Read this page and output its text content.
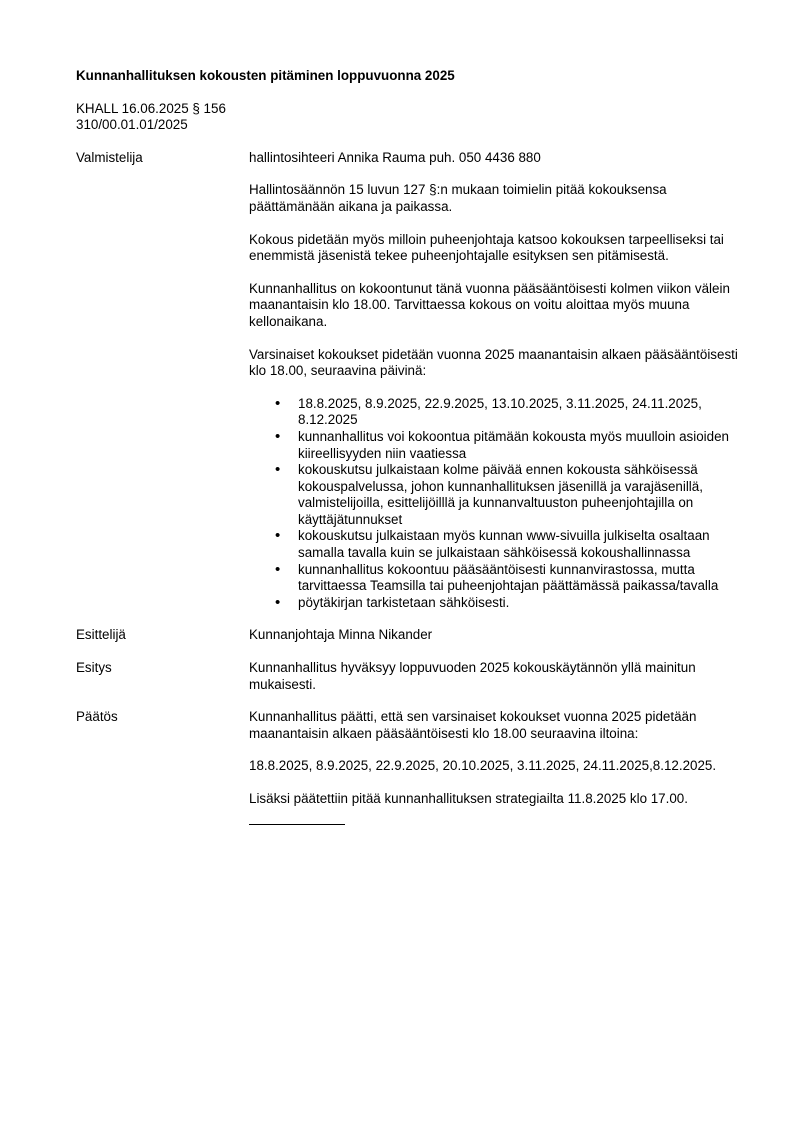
Kunnanhallituksen kokousten pitäminen loppuvuonna 2025
KHALL 16.06.2025 § 156
310/00.01.01/2025
Valmistelija	hallintosihteeri Annika Rauma puh. 050 4436 880

Hallintosäännön 15 luvun 127 §:n mukaan toimielin pitää kokouksensa päättämänään aikana ja paikassa.

Kokous pidetään myös milloin puheenjohtaja katsoo kokouksen tarpeelliseksi tai enemmistä jäsenistä tekee puheenjohtajalle esityksen sen pitämisestä.

Kunnanhallitus on kokoontunut tänä vuonna pääsääntöisesti kolmen viikon välein maanantaisin klo 18.00. Tarvittaessa kokous on voitu aloittaa myös muuna kellonaikana.

Varsinaiset kokoukset pidetään vuonna 2025 maanantaisin alkaen pääsääntöisesti klo 18.00, seuraavina päivinä:

• 18.8.2025, 8.9.2025, 22.9.2025, 13.10.2025, 3.11.2025, 24.11.2025, 8.12.2025
• kunnanhallitus voi kokoontua pitämään kokousta myös muulloin asioiden kiireellisyyden niin vaatiessa
• kokouskutsu julkaistaan kolme päivää ennen kokousta sähköisessä kokouspalvelussa, johon kunnanhallituksen jäsenillä ja varajäsenillä, valmistelijoilla, esittelijöilllä ja kunnanvaltuuston puheenjohtajilla on käyttäjätunnukset
• kokouskutsu julkaistaan myös kunnan www-sivuilla julkiselta osaltaan samalla tavalla kuin se julkaistaan sähköisessä kokoushallinnassa
• kunnanhallitus kokoontuu pääsääntöisesti kunnanvirastossa, mutta tarvittaessa Teamsilla tai puheenjohtajan päättämässä paikassa/tavalla
• pöytäkirjan tarkistetaan sähköisesti.
Esittelijä	Kunnanjohtaja Minna Nikander
Esitys	Kunnanhallitus hyväksyy loppuvuoden 2025 kokouskäytännön yllä mainitun mukaisesti.
Päätös	Kunnanhallitus päätti, että sen varsinaiset kokoukset vuonna 2025 pidetään maanantaisin alkaen pääsääntöisesti klo 18.00 seuraavina iltoina:

18.8.2025, 8.9.2025, 22.9.2025, 20.10.2025, 3.11.2025, 24.11.2025,8.12.2025.

Lisäksi päätettiin pitää kunnanhallituksen strategiailta 11.8.2025 klo 17.00.
